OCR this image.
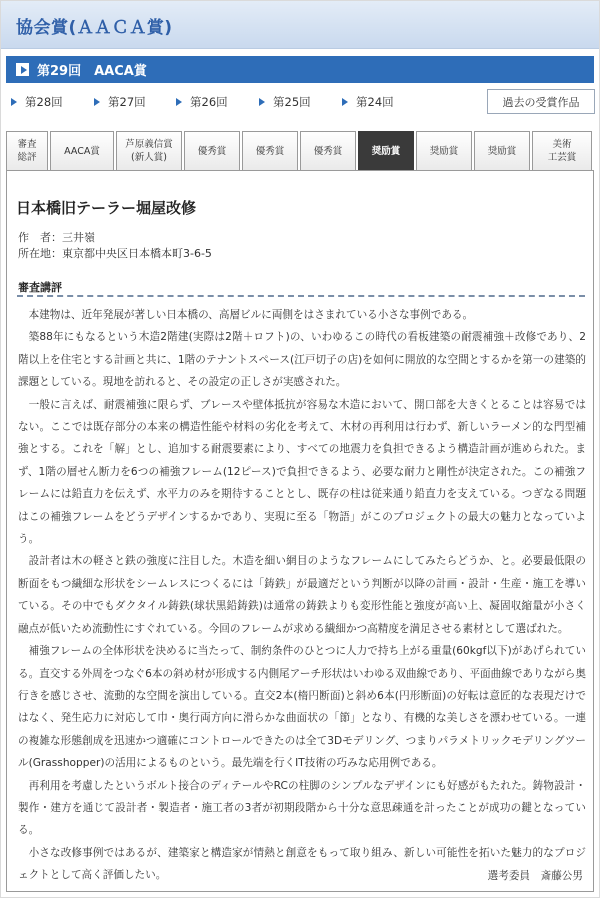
協会賞(ＡＡＣＡ賞)
第29回　AACA賞
第28回	第27回	第26回	第25回	第24回	過去の受賞作品
審査
総評
AACA賞
芦原義信賞
(新人賞)
優秀賞	優秀賞	優秀賞	奨励賞	奨励賞	奨励賞
美術
工芸賞
日本橋旧テーラー堀屋改修
作　者：三井嶺
所在地：東京都中央区日本橋本町3-6-5
審査講評

本建物は、近年発展が著しい日本橋の、高層ビルに両側をはさまれている小さな事例である。

築88年にもなるという木造2階建(実際は2階＋ロフト)の、いわゆるこの時代の看板建築の耐震補強＋改修であり、2階以上を住宅とする計画と共に、1階のテナントスペース(江戸切子の店)を如何に開放的な空間とするかを第一の建築的課題としている。現地を訪れると、その設定の正しさが実感された。

一般に言えば、耐震補強に限らず、ブレースや壁体抵抗が容易な木造において、開口部を大きくとることは容易ではない。ここでは既存部分の本来の構造性能や材料の劣化を考えて、木材の再利用は行わず、新しいラーメン的な門型補強とする。これを「解」とし、追加する耐震要素により、すべての地震力を負担できるよう構造計画が進められた。まず、1階の層せん断力を6つの補強フレーム(12ピース)で負担できるよう、必要な耐力と剛性が決定された。この補強フレームには鉛直力を伝えず、水平力のみを期待することとし、既存の柱は従来通り鉛直力を支えている。つぎなる問題はこの補強フレームをどうデザインするかであり、実現に至る「物語」がこのプロジェクトの最大の魅力となっていよう。

設計者は木の軽さと鉄の強度に注目した。木造を細い網目のようなフレームにしてみたらどうか、と。必要最低限の断面をもつ繊細な形状をシームレスにつくるには「鋳鉄」が最適だという判断が以降の計画・設計・生産・施工を導いている。その中でもダクタイル鋳鉄(球状黒鉛鋳鉄)は通常の鋳鉄よりも変形性能と強度が高い上、凝固収縮量が小さく融点が低いため流動性にすぐれている。今回のフレームが求める繊細かつ高精度を満足させる素材として選ばれた。

補強フレームの全体形状を決めるに当たって、制約条件のひとつに人力で持ち上がる重量(60kgf以下)があげられている。直交する外周をつなぐ6本の斜め材が形成する内側尾アーチ形状はいわゆる双曲線であり、平面曲線でありながら奥行きを感じさせ、流動的な空間を演出している。直交2本(楕円断面)と斜め6本(円形断面)の好転は意匠的な表現だけではなく、発生応力に対応して巾・奥行両方向に滑らかな曲面状の「節」となり、有機的な美しさを漂わせている。一連の複雑な形態創成を迅速かつ適確にコントロールできたのは全て3Dモデリング、つまりパラメトリックモデリングツール(Grasshopper)の活用によるものという。最先端を行くIT技術の巧みな応用例である。

再利用を考慮したというボルト接合のディテールやRCの柱脚のシンプルなデザインにも好感がもたれた。鋳物設計・製作・建方を通じて設計者・製造者・施工者の3者が初期段階から十分な意思疎通を計ったことが成功の鍵となっている。

小さな改修事例ではあるが、建築家と構造家が情熱と創意をもって取り組み、新しい可能性を拓いた魅力的なプロジェクトとして高く評価したい。	選考委員　斎藤公男
